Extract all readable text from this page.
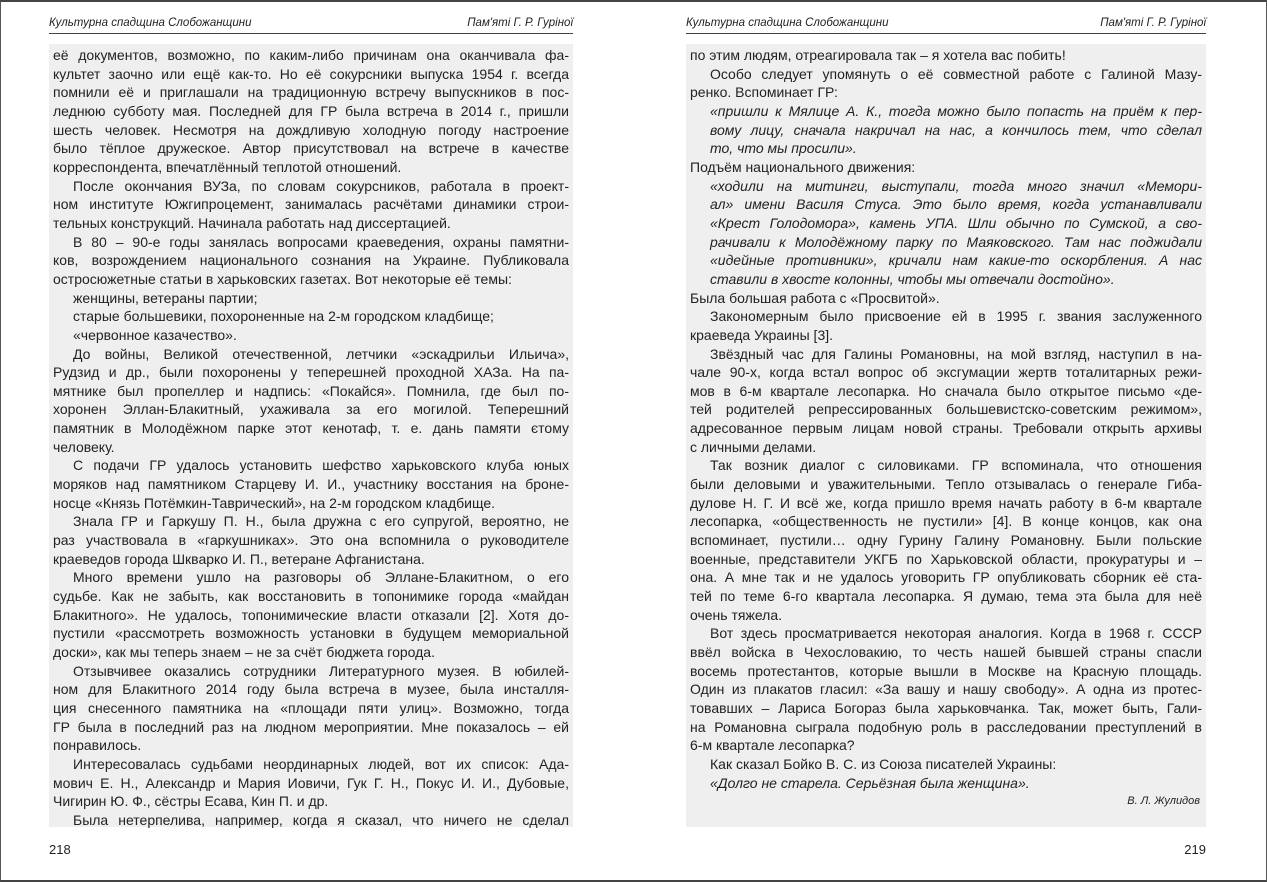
Культурна спадщина Слобожанщини	Пам'яті Г. Р. Гуріної
её документов, возможно, по каким-либо причинам она оканчивала фа-
культет заочно или ещё как-то. Но её сокурсники выпуска 1954 г. всегда
помнили её и приглашали на традиционную встречу выпускников в пос-
леднюю субботу мая. Последней для ГР была встреча в 2014 г., пришли
шесть человек. Несмотря на дождливую холодную погоду настроение
было тёплое дружеское. Автор присутствовал на встрече в качестве
корреспондента, впечатлённый теплотой отношений.
После окончания ВУЗа, по словам сокурсников, работала в проект-
ном институте Южгипроцемент, занималась расчётами динамики строи-
тельных конструкций. Начинала работать над диссертацией.
В 80 – 90-е годы занялась вопросами краеведения, охраны памятни-
ков, возрождением национального сознания на Украине. Публиковала
остросюжетные статьи в харьковских газетах. Вот некоторые её темы:
женщины, ветераны партии;
старые большевики, похороненные на 2-м городском кладбище;
«червонное казачество».
До войны, Великой отечественной, летчики «эскадрильи Ильича»,
Рудзид и др., были похоронены у теперешней проходной ХАЗа. На па-
мятнике был пропеллер и надпись: «Покайся». Помнила, где был по-
хоронен Эллан-Блакитный, ухаживала за его могилой. Теперешний
памятник в Молодёжном парке этот кенотаф, т. е. дань памяти єтому
человеку.
С подачи ГР удалось установить шефство харьковского клуба юных
моряков над памятником Старцеву И. И., участнику восстания на броне-
носце «Князь Потёмкин-Таврический», на 2-м городском кладбище.
Знала ГР и Гаркушу П. Н., была дружна с его супругой, вероятно, не
раз участвовала в «гаркушниках». Это она вспомнила о руководителе
краеведов города Шкварко И. П., ветеране Афганистана.
Много времени ушло на разговоры об Эллане-Блакитном, о его
судьбе. Как не забыть, как восстановить в топонимике города «майдан
Блакитного». Не удалось, топонимические власти отказали [2]. Хотя до-
пустили «рассмотреть возможность установки в будущем мемориальной
доски», как мы теперь знаем – не за счёт бюджета города.
Отзывчивее оказались сотрудники Литературного музея. В юбилей-
ном для Блакитного 2014 году была встреча в музее, была инсталля-
ция снесенного памятника на «площади пяти улиц». Возможно, тогда
ГР была в последний раз на людном мероприятии. Мне показалось – ей
понравилось.
Интересовалась судьбами неординарных людей, вот их список: Ада-
мович Е. Н., Александр и Мария Иовичи, Гук Г. Н., Покус И. И., Дубовые,
Чигирин Ю. Ф., сёстры Есава, Кин П. и др.
Была нетерпелива, например, когда я сказал, что ничего не сделал
218
Культурна спадщина Слобожанщини	Пам'яті Г. Р. Гуріної
по этим людям, отреагировала так – я хотела вас побить!
Особо следует упомянуть о её совместной работе с Галиной Мазу-
ренко. Вспоминает ГР:
«пришли к Мялице А. К., тогда можно было попасть на приём к пер-
вому лицу, сначала накричал на нас, а кончилось тем, что сделал
то, что мы просили».
Подъём национального движения:
«ходили на митинги, выступали, тогда много значил «Мемори-
ал» имени Василя Стуса. Это было время, когда устанавливали
«Крест Голодомора», камень УПА. Шли обычно по Сумской, а сво-
рачивали к Молодёжному парку по Маяковского. Там нас поджидали
«идейные противники», кричали нам какие-то оскорбления. А нас
ставили в хвосте колонны, чтобы мы отвечали достойно».
Была большая работа с «Просвитой».
Закономерным было присвоение ей в 1995 г. звания заслуженного
краеведа Украины [3].
Звёздный час для Галины Романовны, на мой взгляд, наступил в на-
чале 90-х, когда встал вопрос об эксгумации жертв тоталитарных режи-
мов в 6-м квартале лесопарка. Но сначала было открытое письмо «де-
тей родителей репрессированных большевистско-советским режимом»,
адресованное первым лицам новой страны. Требовали открыть архивы
с личными делами.
Так возник диалог с силовиками. ГР вспоминала, что отношения
были деловыми и уважительными. Тепло отзывалась о генерале Гиба-
дулове Н. Г. И всё же, когда пришло время начать работу в 6-м квартале
лесопарка, «общественность не пустили» [4]. В конце концов, как она
вспоминает, пустили… одну Гурину Галину Романовну. Были польские
военные, представители УКГБ по Харьковской области, прокуратуры и –
она. А мне так и не удалось уговорить ГР опубликовать сборник её ста-
тей по теме 6-го квартала лесопарка. Я думаю, тема эта была для неё
очень тяжела.
Вот здесь просматривается некоторая аналогия. Когда в 1968 г. СССР
ввёл войска в Чехословакию, то честь нашей бывшей страны спасли
восемь протестантов, которые вышли в Москве на Красную площадь.
Один из плакатов гласил: «За вашу и нашу свободу». А одна из протес-
товавших – Лариса Богораз была харьковчанка. Так, может быть, Гали-
на Романовна сыграла подобную роль в расследовании преступлений в
6-м квартале лесопарка?
Как сказал Бойко В. С. из Союза писателей Украины:
«Долго не старела. Серьёзная была женщина».
В. Л. Жулидов
219
